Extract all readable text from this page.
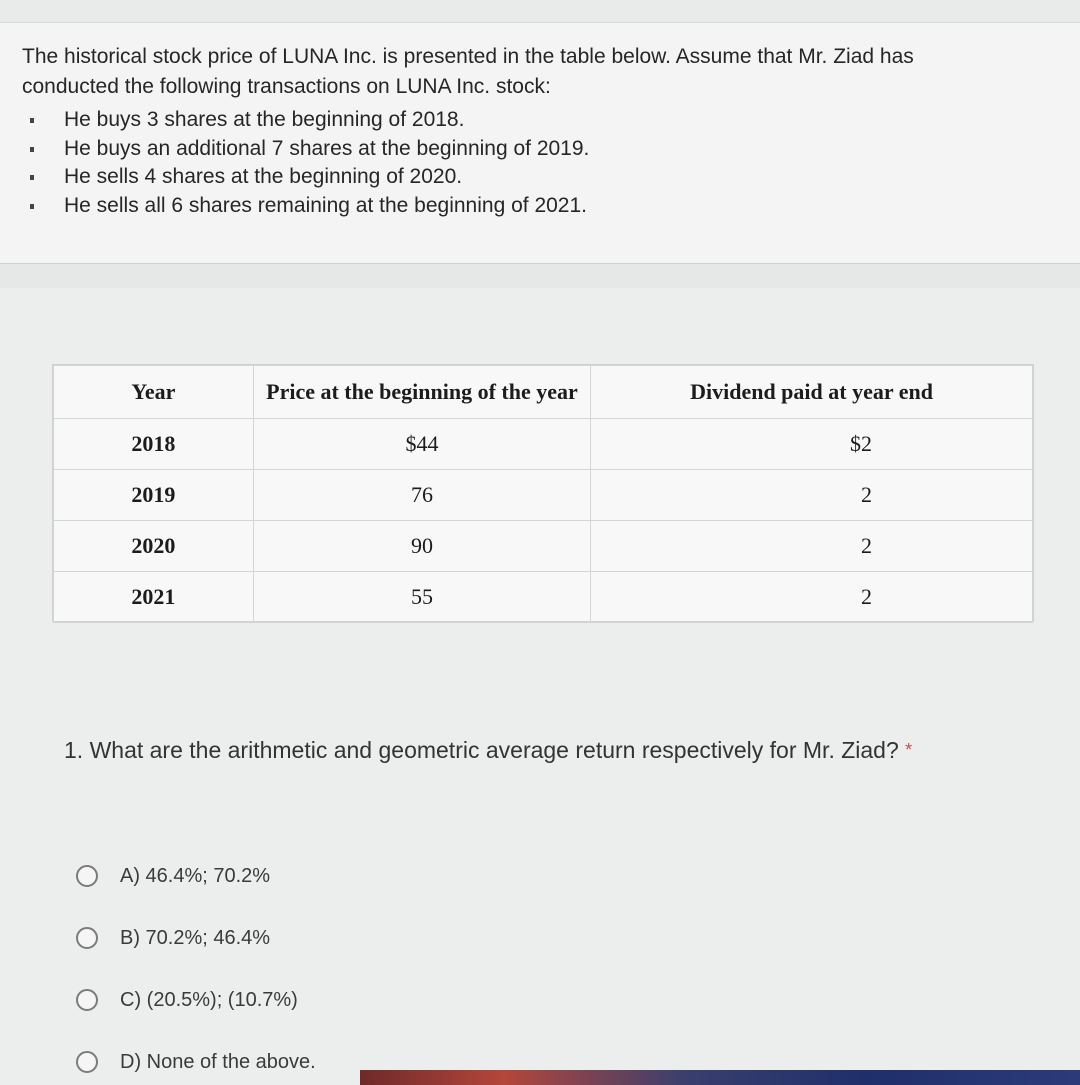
The historical stock price of LUNA Inc. is presented in the table below. Assume that Mr. Ziad has conducted the following transactions on LUNA Inc. stock:
He buys 3 shares at the beginning of 2018.
He buys an additional 7 shares at the beginning of 2019.
He sells 4 shares at the beginning of 2020.
He sells all 6 shares remaining at the beginning of 2021.
Year	Price at the beginning of the year	Dividend paid at year end
2018	$44	$2
2019	76	2
2020	90	2
2021	55	2
1. What are the arithmetic and geometric average return respectively for Mr. Ziad? *
A) 46.4%; 70.2%
B) 70.2%; 46.4%
C) (20.5%); (10.7%)
D) None of the above.
